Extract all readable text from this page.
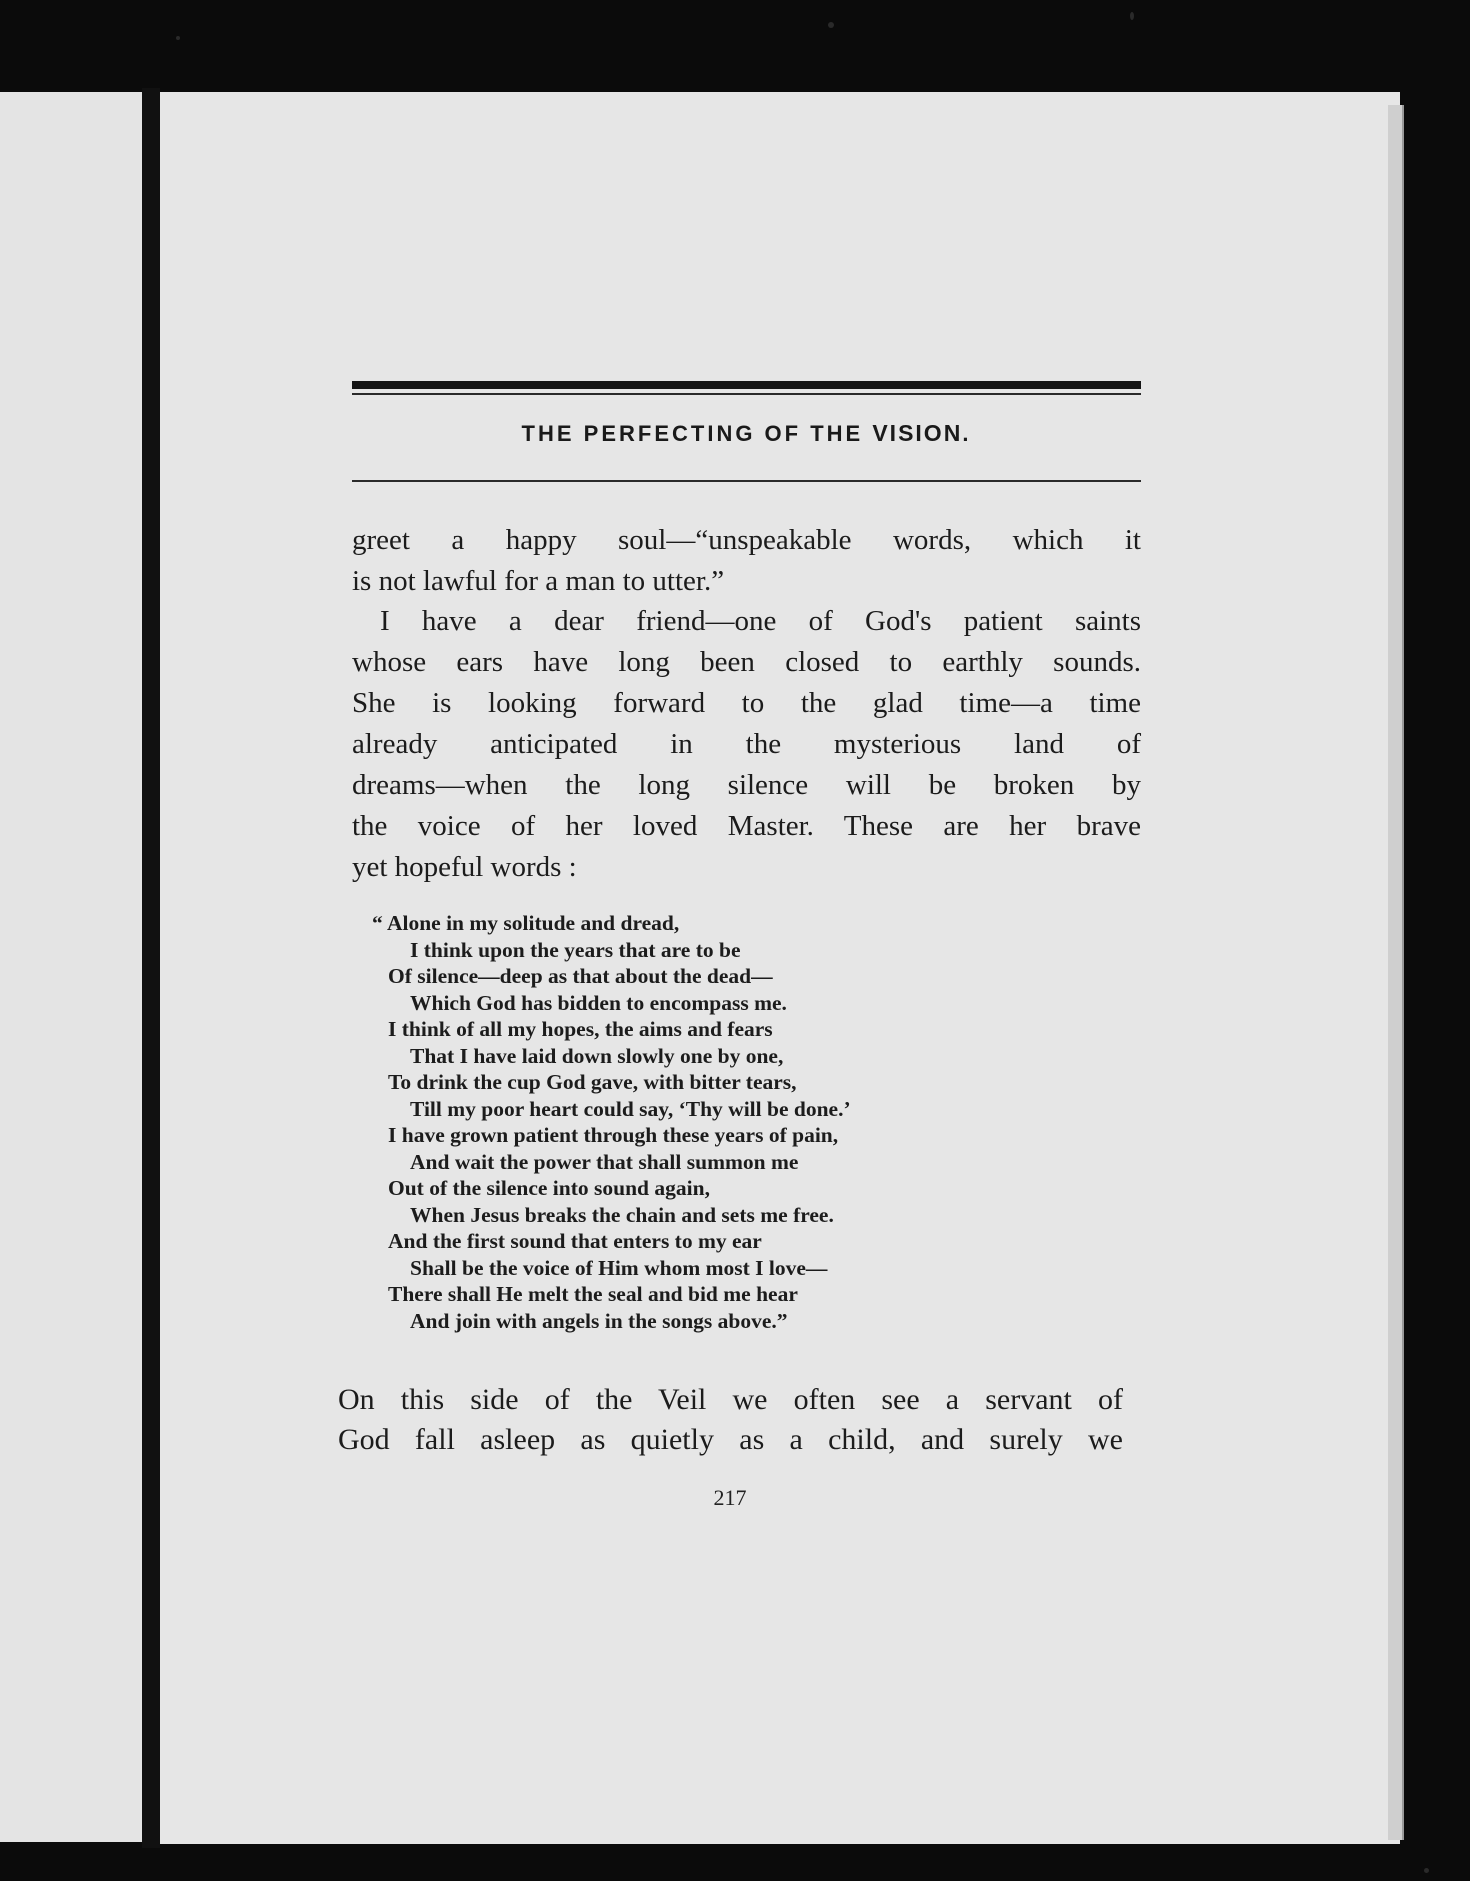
THE PERFECTING OF THE VISION.

greet a happy soul—“unspeakable words, which it
is not lawful for a man to utter.”

I have a dear friend—one of God's patient saints
whose ears have long been closed to earthly sounds.
She is looking forward to the glad time—a time
already anticipated in the mysterious land of
dreams—when the long silence will be broken by
the voice of her loved Master. These are her brave
yet hopeful words :

“ Alone in my solitude and dread,
I think upon the years that are to be
Of silence—deep as that about the dead—
Which God has bidden to encompass me.
I think of all my hopes, the aims and fears
That I have laid down slowly one by one,
To drink the cup God gave, with bitter tears,
Till my poor heart could say, ‘Thy will be done.’
I have grown patient through these years of pain,
And wait the power that shall summon me
Out of the silence into sound again,
When Jesus breaks the chain and sets me free.
And the first sound that enters to my ear
Shall be the voice of Him whom most I love—
There shall He melt the seal and bid me hear
And join with angels in the songs above.”

On this side of the Veil we often see a servant of
God fall asleep as quietly as a child, and surely we

217
